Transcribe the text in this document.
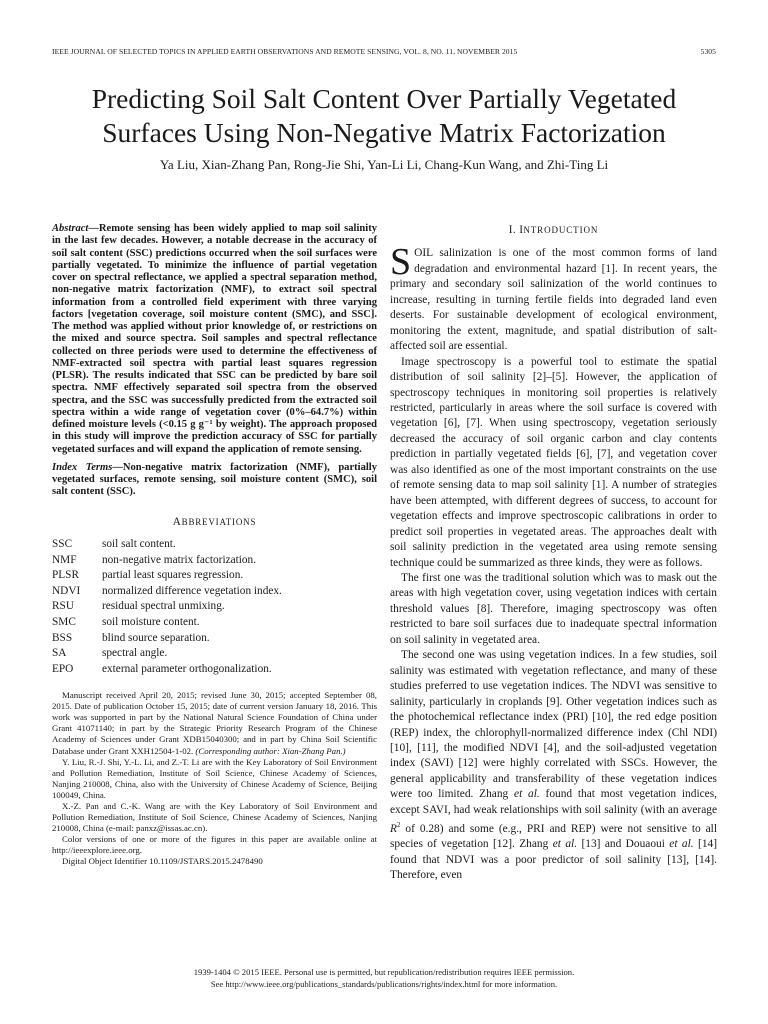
IEEE JOURNAL OF SELECTED TOPICS IN APPLIED EARTH OBSERVATIONS AND REMOTE SENSING, VOL. 8, NO. 11, NOVEMBER 2015	5305
Predicting Soil Salt Content Over Partially Vegetated
Surfaces Using Non-Negative Matrix Factorization
Ya Liu, Xian-Zhang Pan, Rong-Jie Shi, Yan-Li Li, Chang-Kun Wang, and Zhi-Ting Li

Abstract—Remote sensing has been widely applied to map soil salinity in the last few decades. However, a notable decrease in the accuracy of soil salt content (SSC) predictions occurred when the soil surfaces were partially vegetated. To minimize the influence of partial vegetation cover on spectral reflectance, we applied a spectral separation method, non-negative matrix factorization (NMF), to extract soil spectral information from a controlled field experiment with three varying factors [vegetation coverage, soil moisture content (SMC), and SSC]. The method was applied without prior knowledge of, or restrictions on the mixed and source spectra. Soil samples and spectral reflectance collected on three periods were used to determine the effectiveness of NMF-extracted soil spectra with partial least squares regression (PLSR). The results indicated that SSC can be predicted by bare soil spectra. NMF effectively separated soil spectra from the observed spectra, and the SSC was successfully predicted from the extracted soil spectra within a wide range of vegetation cover (0%–64.7%) within defined moisture levels (<0.15 g g⁻¹ by weight). The approach proposed in this study will improve the prediction accuracy of SSC for partially vegetated surfaces and will expand the application of remote sensing.

Index Terms—Non-negative matrix factorization (NMF), partially vegetated surfaces, remote sensing, soil moisture content (SMC), soil salt content (SSC).

ABBREVIATIONS
SSC	soil salt content.
NMF	non-negative matrix factorization.
PLSR	partial least squares regression.
NDVI	normalized difference vegetation index.
RSU	residual spectral unmixing.
SMC	soil moisture content.
BSS	blind source separation.
SA	spectral angle.
EPO	external parameter orthogonalization.

Manuscript received April 20, 2015; revised June 30, 2015; accepted September 08, 2015. Date of publication October 15, 2015; date of current version January 18, 2016. This work was supported in part by the National Natural Science Foundation of China under Grant 41071140; in part by the Strategic Priority Research Program of the Chinese Academy of Sciences under Grant XDB15040300; and in part by China Soil Scientific Database under Grant XXH12504-1-02. (Corresponding author: Xian-Zhang Pan.)

Y. Liu, R.-J. Shi, Y.-L. Li, and Z.-T. Li are with the Key Laboratory of Soil Environment and Pollution Remediation, Institute of Soil Science, Chinese Academy of Sciences, Nanjing 210008, China, also with the University of Chinese Academy of Science, Beijing 100049, China.

X.-Z. Pan and C.-K. Wang are with the Key Laboratory of Soil Environment and Pollution Remediation, Institute of Soil Science, Chinese Academy of Sciences, Nanjing 210008, China (e-mail: panxz@issas.ac.cn).

Color versions of one or more of the figures in this paper are available online at http://ieeexplore.ieee.org.

Digital Object Identifier 10.1109/JSTARS.2015.2478490

I. INTRODUCTION

SOIL salinization is one of the most common forms of land degradation and environmental hazard [1]. In recent years, the primary and secondary soil salinization of the world continues to increase, resulting in turning fertile fields into degraded land even deserts. For sustainable development of ecological environment, monitoring the extent, magnitude, and spatial distribution of salt-affected soil are essential.

Image spectroscopy is a powerful tool to estimate the spatial distribution of soil salinity [2]–[5]. However, the application of spectroscopy techniques in monitoring soil properties is relatively restricted, particularly in areas where the soil surface is covered with vegetation [6], [7]. When using spectroscopy, vegetation seriously decreased the accuracy of soil organic carbon and clay contents prediction in partially vegetated fields [6], [7], and vegetation cover was also identified as one of the most important constraints on the use of remote sensing data to map soil salinity [1]. A number of strategies have been attempted, with different degrees of success, to account for vegetation effects and improve spectroscopic calibrations in order to predict soil properties in vegetated areas. The approaches dealt with soil salinity prediction in the vegetated area using remote sensing technique could be summarized as three kinds, they were as follows.

The first one was the traditional solution which was to mask out the areas with high vegetation cover, using vegetation indices with certain threshold values [8]. Therefore, imaging spectroscopy was often restricted to bare soil surfaces due to inadequate spectral information on soil salinity in vegetated area.

The second one was using vegetation indices. In a few studies, soil salinity was estimated with vegetation reflectance, and many of these studies preferred to use vegetation indices. The NDVI was sensitive to salinity, particularly in croplands [9]. Other vegetation indices such as the photochemical reflectance index (PRI) [10], the red edge position (REP) index, the chlorophyll-normalized difference index (Chl NDI) [10], [11], the modified NDVI [4], and the soil-adjusted vegetation index (SAVI) [12] were highly correlated with SSCs. However, the general applicability and transferability of these vegetation indices were too limited. Zhang et al. found that most vegetation indices, except SAVI, had weak relationships with soil salinity (with an average $R^2$ of 0.28) and some (e.g., PRI and REP) were not sensitive to all species of vegetation [12]. Zhang et al. [13] and Douaoui et al. [14] found that NDVI was a poor predictor of soil salinity [13], [14]. Therefore, even

1939-1404 © 2015 IEEE. Personal use is permitted, but republication/redistribution requires IEEE permission.
See http://www.ieee.org/publications_standards/publications/rights/index.html for more information.
